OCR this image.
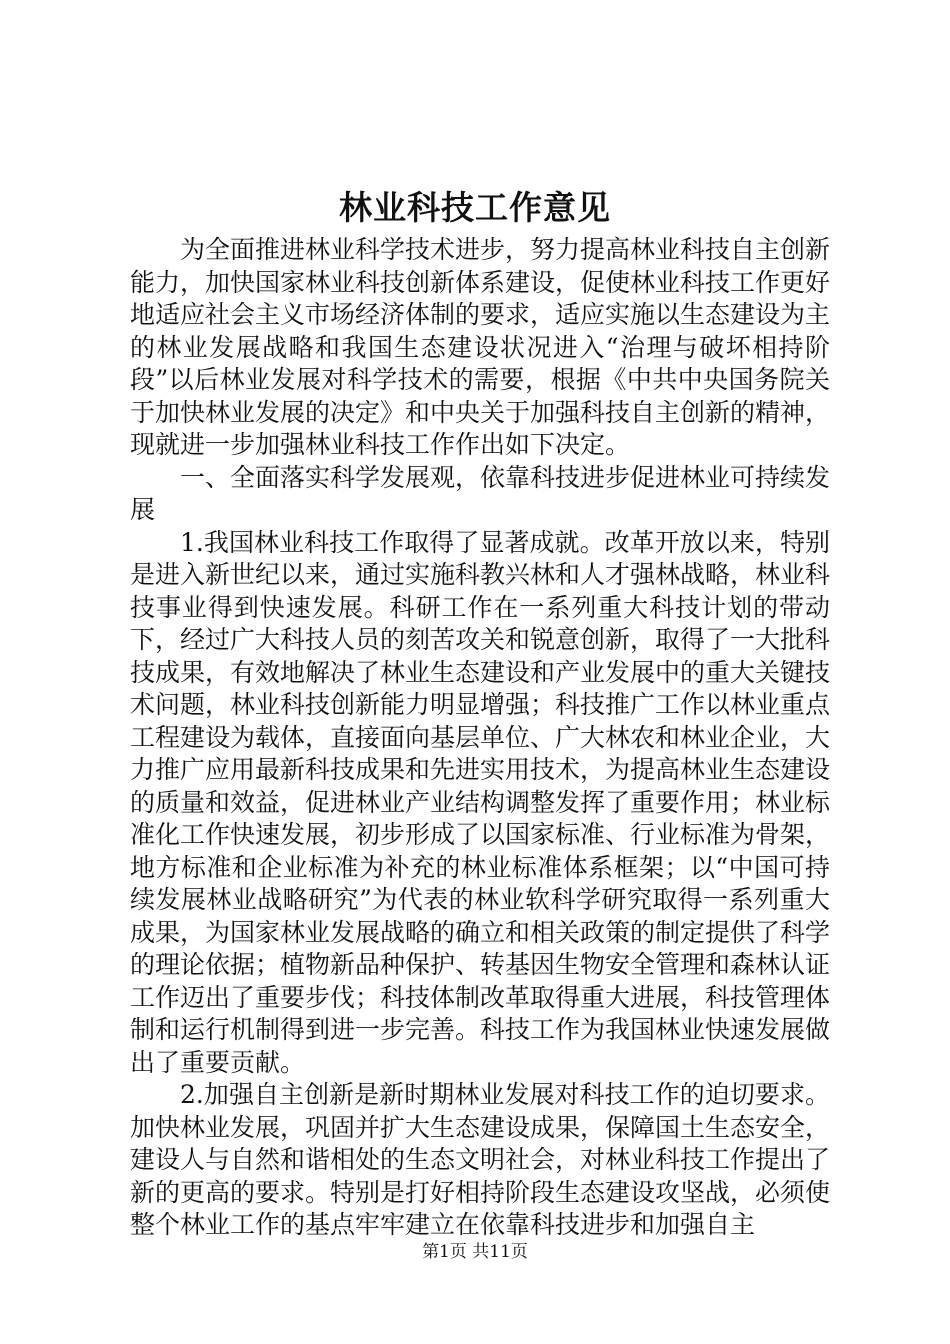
林业科技工作意见

为全面推进林业科学技术进步，努力提高林业科技自主创新能力，加快国家林业科技创新体系建设，促使林业科技工作更好地适应社会主义市场经济体制的要求，适应实施以生态建设为主的林业发展战略和我国生态建设状况进入“治理与破坏相持阶段”以后林业发展对科学技术的需要，根据《中共中央国务院关于加快林业发展的决定》和中央关于加强科技自主创新的精神，现就进一步加强林业科技工作作出如下决定。

一、全面落实科学发展观，依靠科技进步促进林业可持续发展

1.我国林业科技工作取得了显著成就。改革开放以来，特别是进入新世纪以来，通过实施科教兴林和人才强林战略，林业科技事业得到快速发展。科研工作在一系列重大科技计划的带动下，经过广大科技人员的刻苦攻关和锐意创新，取得了一大批科技成果，有效地解决了林业生态建设和产业发展中的重大关键技术问题，林业科技创新能力明显增强；科技推广工作以林业重点工程建设为载体，直接面向基层单位、广大林农和林业企业，大力推广应用最新科技成果和先进实用技术，为提高林业生态建设的质量和效益，促进林业产业结构调整发挥了重要作用；林业标准化工作快速发展，初步形成了以国家标准、行业标准为骨架，地方标准和企业标准为补充的林业标准体系框架；以“中国可持续发展林业战略研究”为代表的林业软科学研究取得一系列重大成果，为国家林业发展战略的确立和相关政策的制定提供了科学的理论依据；植物新品种保护、转基因生物安全管理和森林认证工作迈出了重要步伐；科技体制改革取得重大进展，科技管理体制和运行机制得到进一步完善。科技工作为我国林业快速发展做出了重要贡献。

2.加强自主创新是新时期林业发展对科技工作的迫切要求。加快林业发展，巩固并扩大生态建设成果，保障国土生态安全，建设人与自然和谐相处的生态文明社会，对林业科技工作提出了新的更高的要求。特别是打好相持阶段生态建设攻坚战，必须使整个林业工作的基点牢牢建立在依靠科技进步和加强自主

第1页 共11页
